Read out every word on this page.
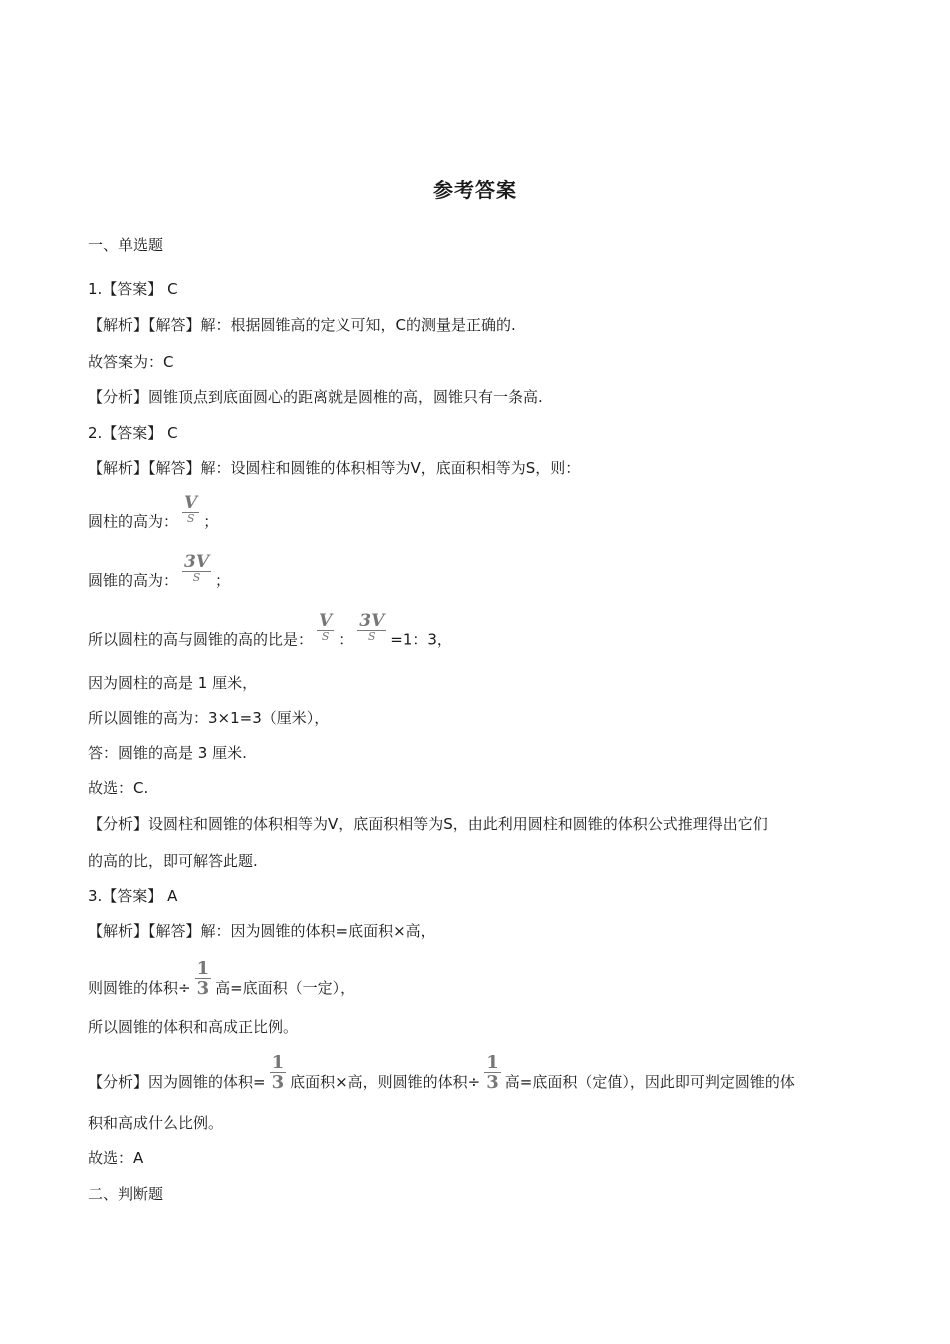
参考答案
一、单选题
1.【答案】 C
【解析】【解答】解：根据圆锥高的定义可知，C的测量是正确的.
故答案为：C
【分析】圆锥顶点到底面圆心的距离就是圆椎的高，圆锥只有一条高.
2.【答案】 C
【解析】【解答】解：设圆柱和圆锥的体积相等为V，底面积相等为S，则：
圆柱的高为： $\frac{V}{S}$ ；
圆锥的高为： $\frac{3V}{S}$ ；
所以圆柱的高与圆锥的高的比是： $\frac{V}{S}$ ： $\frac{3V}{S} =1$：3，
因为圆柱的高是 1 厘米，
所以圆锥的高为：3×1=3（厘米），
答：圆锥的高是 3 厘米.
故选：C.
【分析】设圆柱和圆锥的体积相等为V，底面积相等为S，由此利用圆柱和圆锥的体积公式推理得出它们
的高的比，即可解答此题.
3.【答案】 A
【解析】【解答】解：因为圆锥的体积=底面积×高，
则圆锥的体积÷ $\frac{1}{3}$ 高=底面积（一定），
所以圆锥的体积和高成正比例。
【分析】因为圆锥的体积= $\frac{1}{3}$ 底面积×高，则圆锥的体积÷ $\frac{1}{3}$ 高=底面积（定值），因此即可判定圆锥的体
积和高成什么比例。
故选：A
二、判断题
